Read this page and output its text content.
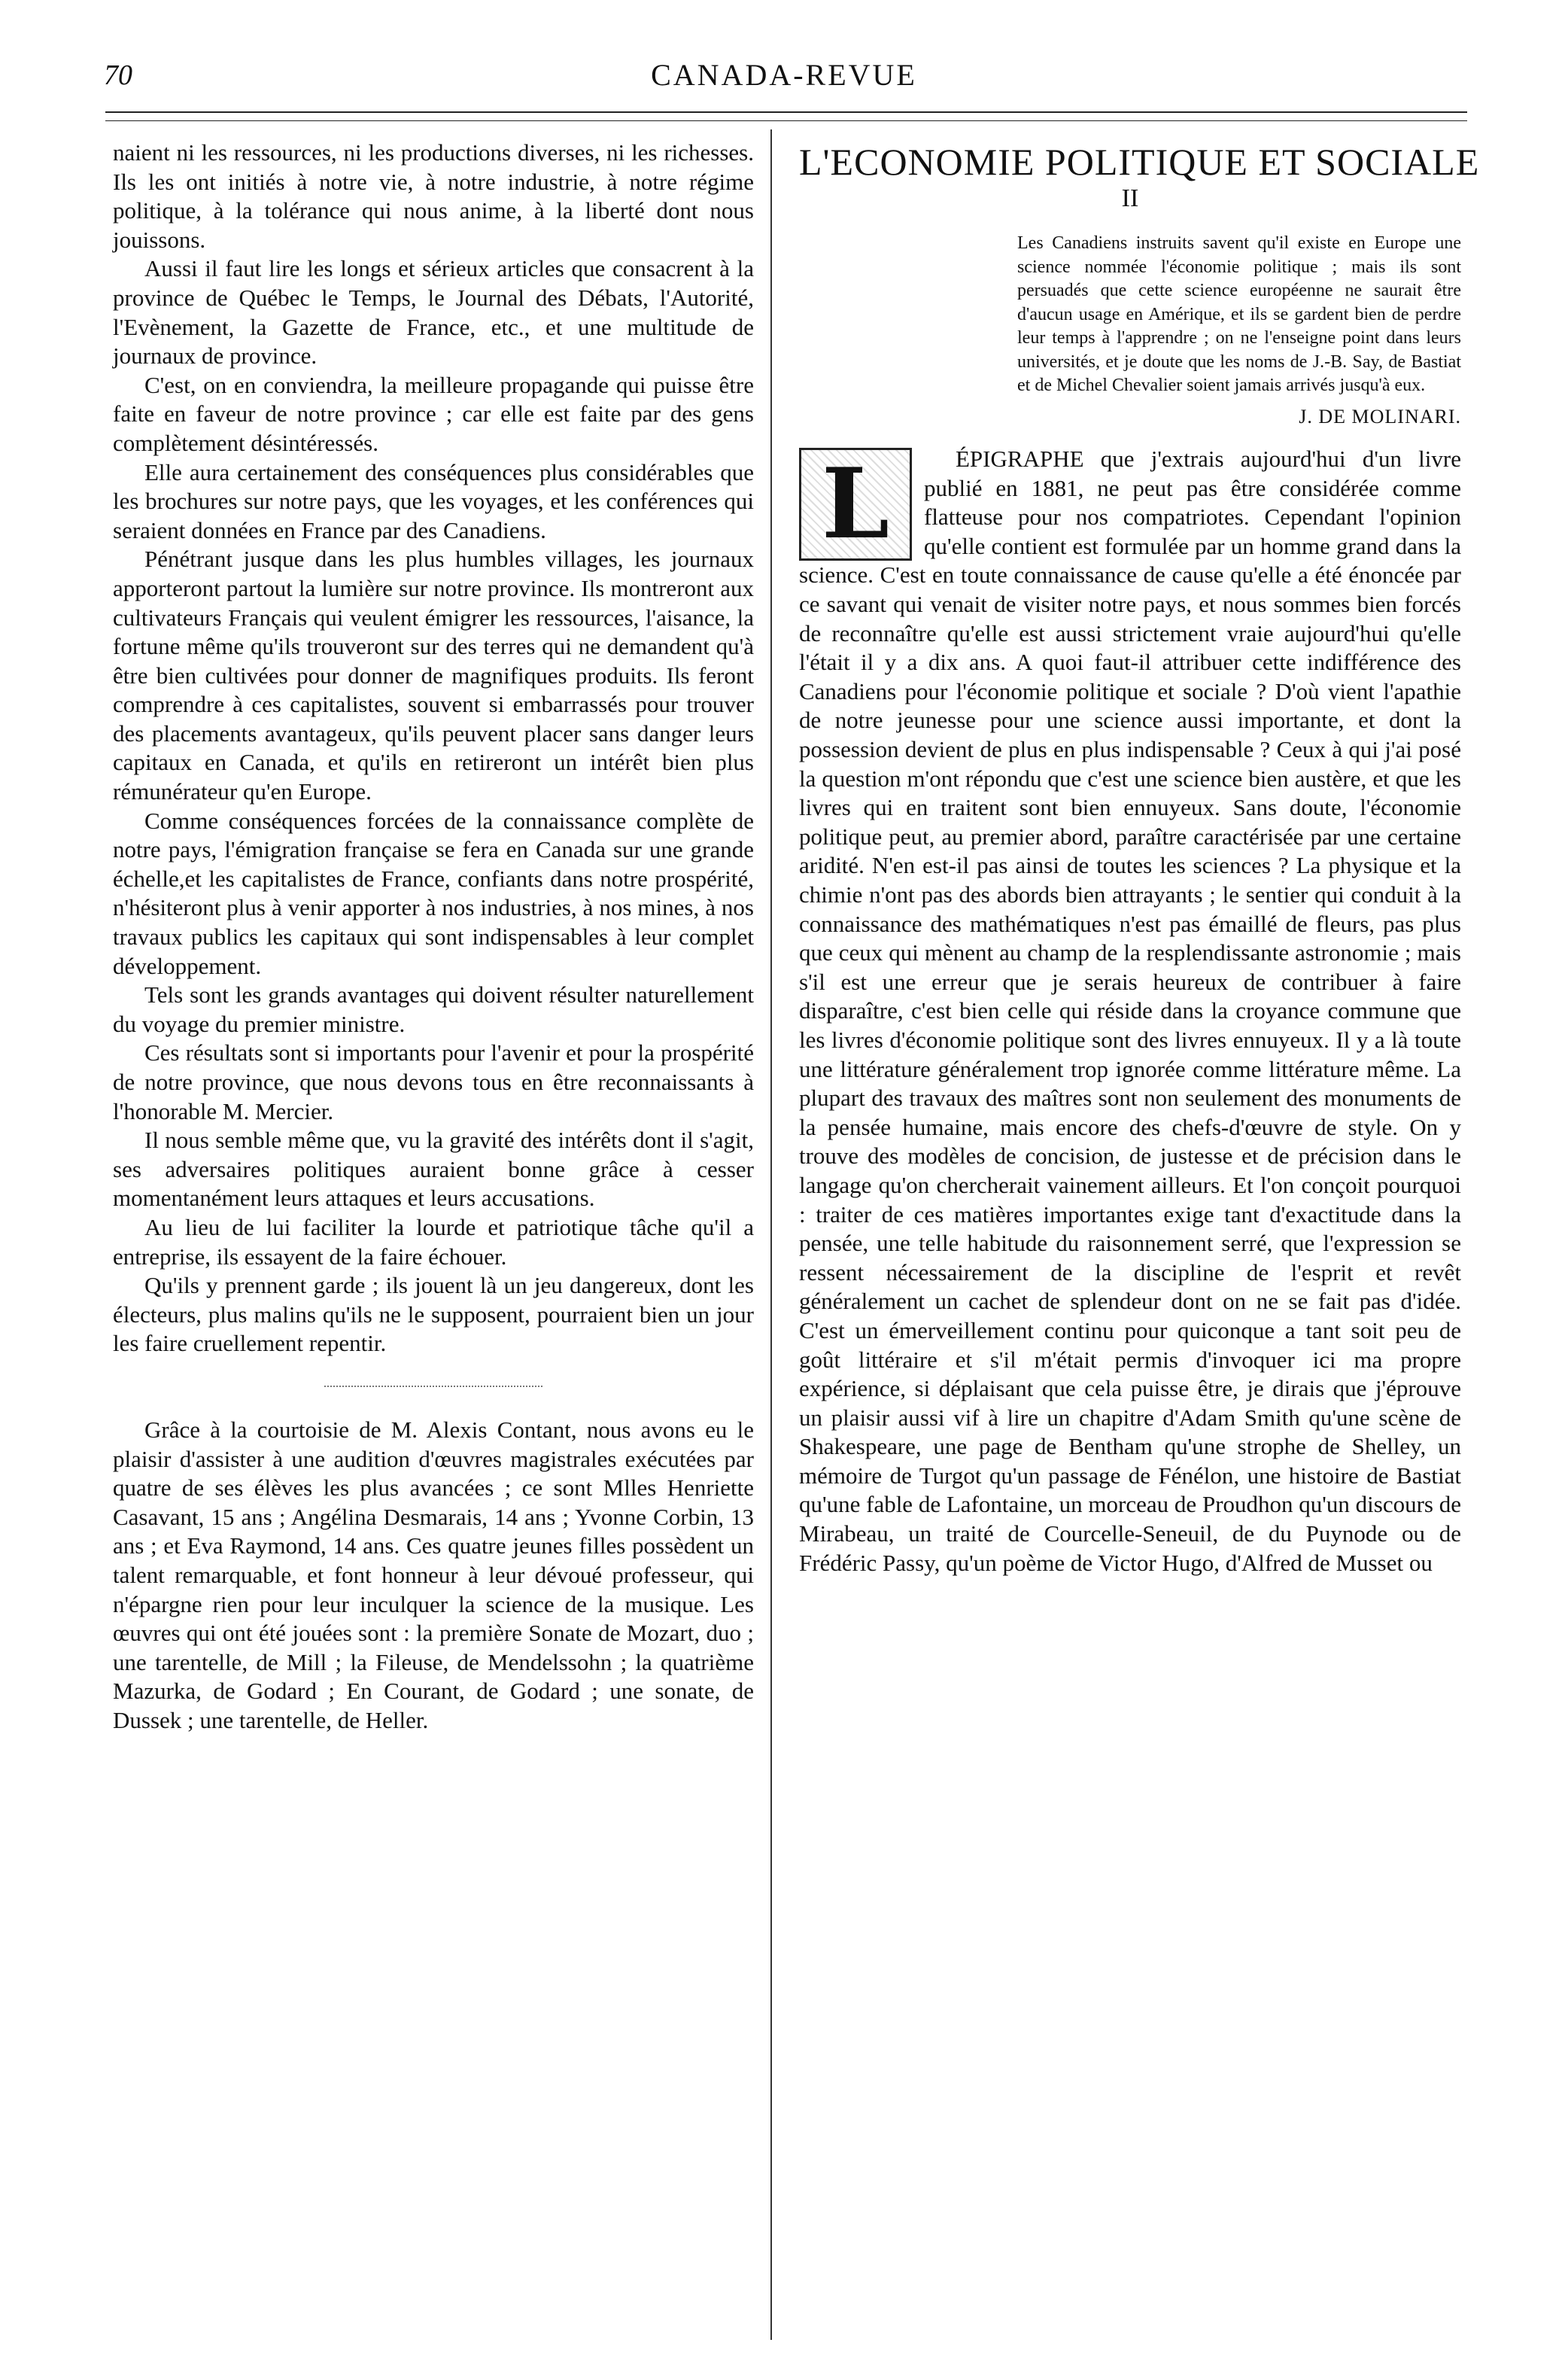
70	CANADA-REVUE

naient ni les ressources, ni les productions diverses, ni les richesses. Ils les ont initiés à notre vie, à notre industrie, à notre régime politique, à la tolérance qui nous anime, à la liberté dont nous jouissons.

Aussi il faut lire les longs et sérieux articles que consacrent à la province de Québec le Temps, le Journal des Débats, l'Autorité, l'Evènement, la Gazette de France, etc., et une multitude de journaux de province.

C'est, on en conviendra, la meilleure propagande qui puisse être faite en faveur de notre province ; car elle est faite par des gens complètement désintéressés.

Elle aura certainement des conséquences plus considérables que les brochures sur notre pays, que les voyages, et les conférences qui seraient données en France par des Canadiens.

Pénétrant jusque dans les plus humbles villages, les journaux apporteront partout la lumière sur notre province. Ils montreront aux cultivateurs Français qui veulent émigrer les ressources, l'aisance, la fortune même qu'ils trouveront sur des terres qui ne demandent qu'à être bien cultivées pour donner de magnifiques produits. Ils feront comprendre à ces capitalistes, souvent si embarrassés pour trouver des placements avantageux, qu'ils peuvent placer sans danger leurs capitaux en Canada, et qu'ils en retireront un intérêt bien plus rémunérateur qu'en Europe.

Comme conséquences forcées de la connaissance complète de notre pays, l'émigration française se fera en Canada sur une grande échelle,et les capitalistes de France, confiants dans notre prospérité, n'hésiteront plus à venir apporter à nos industries, à nos mines, à nos travaux publics les capitaux qui sont indispensables à leur complet développement.

Tels sont les grands avantages qui doivent résulter naturellement du voyage du premier ministre.

Ces résultats sont si importants pour l'avenir et pour la prospérité de notre province, que nous devons tous en être reconnaissants à l'honorable M. Mercier.

Il nous semble même que, vu la gravité des intérêts dont il s'agit, ses adversaires politiques auraient bonne grâce à cesser momentanément leurs attaques et leurs accusations.

Au lieu de lui faciliter la lourde et patriotique tâche qu'il a entreprise, ils essayent de la faire échouer.

Qu'ils y prennent garde ; ils jouent là un jeu dangereux, dont les électeurs, plus malins qu'ils ne le supposent, pourraient bien un jour les faire cruellement repentir.

Grâce à la courtoisie de M. Alexis Contant, nous avons eu le plaisir d'assister à une audition d'œuvres magistrales exécutées par quatre de ses élèves les plus avancées ; ce sont Mlles Henriette Casavant, 15 ans ; Angélina Desmarais, 14 ans ; Yvonne Corbin, 13 ans ; et Eva Raymond, 14 ans. Ces quatre jeunes filles possèdent un talent remarquable, et font honneur à leur dévoué professeur, qui n'épargne rien pour leur inculquer la science de la musique. Les œuvres qui ont été jouées sont : la première Sonate de Mozart, duo ; une tarentelle, de Mill ; la Fileuse, de Mendelssohn ; la quatrième Mazurka, de Godard ; En Courant, de Godard ; une sonate, de Dussek ; une tarentelle, de Heller.

L'ECONOMIE POLITIQUE ET SOCIALE
II
Les Canadiens instruits savent qu'il existe en Europe une science nommée l'économie politique ; mais ils sont persuadés que cette science européenne ne saurait être d'aucun usage en Amérique, et ils se gardent bien de perdre leur temps à l'apprendre ; on ne l'enseigne point dans leurs universités, et je doute que les noms de J.-B. Say, de Bastiat et de Michel Chevalier soient jamais arrivés jusqu'à eux.
J. DE MOLINARI.
L	ÉPIGRAPHE que j'extrais aujourd'hui d'un livre publié en 1881, ne peut pas être considérée comme flatteuse pour nos compatriotes. Cependant l'opinion qu'elle contient est formulée par un homme grand dans la science. C'est en toute connaissance de cause qu'elle a été énoncée par ce savant qui venait de visiter notre pays, et nous sommes bien forcés de reconnaître qu'elle est aussi strictement vraie aujourd'hui qu'elle l'était il y a dix ans. A quoi faut-il attribuer cette indifférence des Canadiens pour l'économie politique et sociale ? D'où vient l'apathie de notre jeunesse pour une science aussi importante, et dont la possession devient de plus en plus indispensable ? Ceux à qui j'ai posé la question m'ont répondu que c'est une science bien austère, et que les livres qui en traitent sont bien ennuyeux. Sans doute, l'économie politique peut, au premier abord, paraître caractérisée par une certaine aridité. N'en est-il pas ainsi de toutes les sciences ? La physique et la chimie n'ont pas des abords bien attrayants ; le sentier qui conduit à la connaissance des mathématiques n'est pas émaillé de fleurs, pas plus que ceux qui mènent au champ de la resplendissante astronomie ; mais s'il est une erreur que je serais heureux de contribuer à faire disparaître, c'est bien celle qui réside dans la croyance commune que les livres d'économie politique sont des livres ennuyeux. Il y a là toute une littérature généralement trop ignorée comme littérature même. La plupart des travaux des maîtres sont non seulement des monuments de la pensée humaine, mais encore des chefs-d'œuvre de style. On y trouve des modèles de concision, de justesse et de précision dans le langage qu'on chercherait vainement ailleurs. Et l'on conçoit pourquoi : traiter de ces matières importantes exige tant d'exactitude dans la pensée, une telle habitude du raisonnement serré, que l'expression se ressent nécessairement de la discipline de l'esprit et revêt généralement un cachet de splendeur dont on ne se fait pas d'idée. C'est un émerveillement continu pour quiconque a tant soit peu de goût littéraire et s'il m'était permis d'invoquer ici ma propre expérience, si déplaisant que cela puisse être, je dirais que j'éprouve un plaisir aussi vif à lire un chapitre d'Adam Smith qu'une scène de Shakespeare, une page de Bentham qu'une strophe de Shelley, un mémoire de Turgot qu'un passage de Fénélon, une histoire de Bastiat qu'une fable de Lafontaine, un morceau de Proudhon qu'un discours de Mirabeau, un traité de Courcelle-Seneuil, de du Puynode ou de Frédéric Passy, qu'un poème de Victor Hugo, d'Alfred de Musset ou
